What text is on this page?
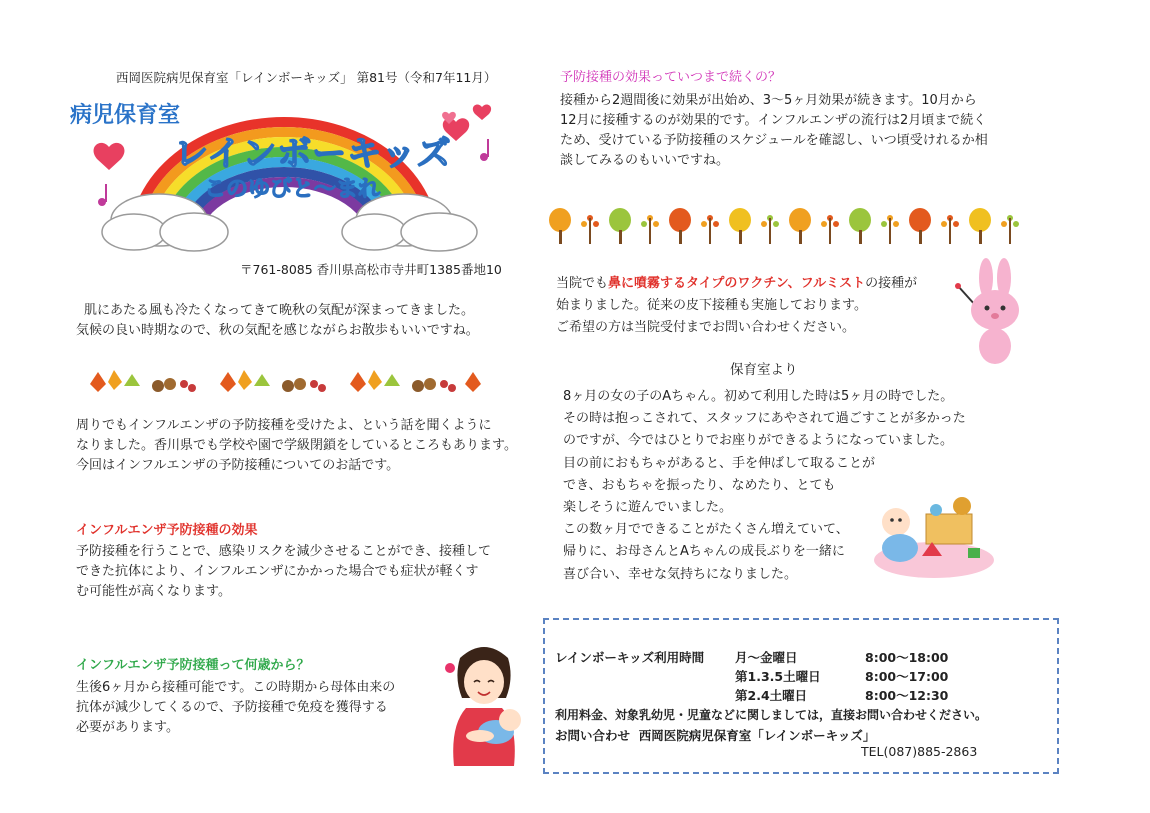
西岡医院病児保育室「レインボーキッズ」 第81号（令和7年11月）
病児保育室
レインボーキッズ
このゆびと～まれ
〒761-8085 香川県高松市寺井町1385番地10
肌にあたる風も冷たくなってきて晩秋の気配が深まってきました。
気候の良い時期なので、秋の気配を感じながらお散歩もいいですね。
周りでもインフルエンザの予防接種を受けたよ、という話を聞くように
なりました。香川県でも学校や園で学級閉鎖をしているところもあります。
今回はインフルエンザの予防接種についてのお話です。
インフルエンザ予防接種の効果
予防接種を行うことで、感染リスクを減少させることができ、接種して
できた抗体により、インフルエンザにかかった場合でも症状が軽くす
む可能性が高くなります。
インフルエンザ予防接種って何歳から？
生後6ヶ月から接種可能です。この時期から母体由来の
抗体が減少してくるので、予防接種で免疫を獲得する
必要があります。
予防接種の効果っていつまで続くの？
接種から2週間後に効果が出始め、3～5ヶ月効果が続きます。10月から
12月に接種するのが効果的です。インフルエンザの流行は2月頃まで続く
ため、受けている予防接種のスケジュールを確認し、いつ頃受けれるか相
談してみるのもいいですね。
当院でも鼻に噴霧するタイプのワクチン、フルミストの接種が
始まりました。従来の皮下接種も実施しております。
ご希望の方は当院受付までお問い合わせください。
保育室より
8ヶ月の女の子のAちゃん。初めて利用した時は5ヶ月の時でした。
その時は抱っこされて、スタッフにあやされて過ごすことが多かった
のですが、今ではひとりでお座りができるようになっていました。
目の前におもちゃがあると、手を伸ばして取ることが
でき、おもちゃを振ったり、なめたり、とても
楽しそうに遊んでいました。
この数ヶ月でできることがたくさん増えていて、
帰りに、お母さんとAちゃんの成長ぶりを一緒に
喜び合い、幸せな気持ちになりました。
レインボーキッズ利用時間 月～金曜日	8:00～18:00
第1.3.5土曜日	8:00～17:00
第2.4土曜日	8:00～12:30
利用料金、対象乳幼児・児童などに関しましては，直接お問い合わせください。
お問い合わせ 西岡医院病児保育室「レインボーキッズ」
TEL(087)885-2863
